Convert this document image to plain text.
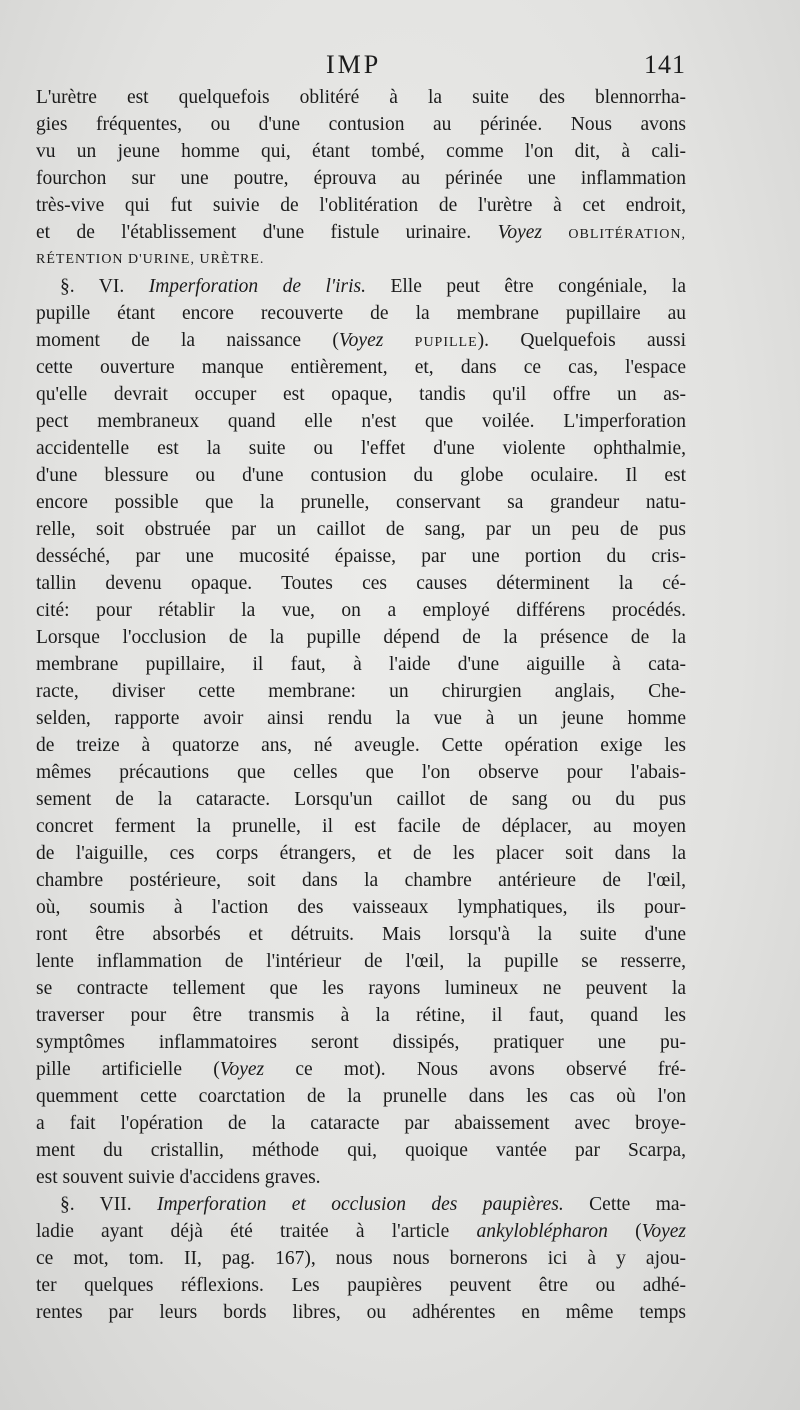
IMP	141
L'urètre est quelquefois oblitéré à la suite des blennorrha-
gies fréquentes, ou d'une contusion au périnée. Nous avons
vu un jeune homme qui, étant tombé, comme l'on dit, à cali-
fourchon sur une poutre, éprouva au périnée une inflammation
très-vive qui fut suivie de l'oblitération de l'urètre à cet endroit,
et de l'établissement d'une fistule urinaire. Voyez OBLITÉRATION,
RÉTENTION D'URINE, URÈTRE.
§. VI. Imperforation de l'iris. Elle peut être congéniale, la
pupille étant encore recouverte de la membrane pupillaire au
moment de la naissance (Voyez PUPILLE). Quelquefois aussi
cette ouverture manque entièrement, et, dans ce cas, l'espace
qu'elle devrait occuper est opaque, tandis qu'il offre un as-
pect membraneux quand elle n'est que voilée. L'imperforation
accidentelle est la suite ou l'effet d'une violente ophthalmie,
d'une blessure ou d'une contusion du globe oculaire. Il est
encore possible que la prunelle, conservant sa grandeur natu-
relle, soit obstruée par un caillot de sang, par un peu de pus
desséché, par une mucosité épaisse, par une portion du cris-
tallin devenu opaque. Toutes ces causes déterminent la cé-
cité: pour rétablir la vue, on a employé différens procédés.
Lorsque l'occlusion de la pupille dépend de la présence de la
membrane pupillaire, il faut, à l'aide d'une aiguille à cata-
racte, diviser cette membrane: un chirurgien anglais, Che-
selden, rapporte avoir ainsi rendu la vue à un jeune homme
de treize à quatorze ans, né aveugle. Cette opération exige les
mêmes précautions que celles que l'on observe pour l'abais-
sement de la cataracte. Lorsqu'un caillot de sang ou du pus
concret ferment la prunelle, il est facile de déplacer, au moyen
de l'aiguille, ces corps étrangers, et de les placer soit dans la
chambre postérieure, soit dans la chambre antérieure de l'œil,
où, soumis à l'action des vaisseaux lymphatiques, ils pour-
ront être absorbés et détruits. Mais lorsqu'à la suite d'une
lente inflammation de l'intérieur de l'œil, la pupille se resserre,
se contracte tellement que les rayons lumineux ne peuvent la
traverser pour être transmis à la rétine, il faut, quand les
symptômes inflammatoires seront dissipés, pratiquer une pu-
pille artificielle (Voyez ce mot). Nous avons observé fré-
quemment cette coarctation de la prunelle dans les cas où l'on
a fait l'opération de la cataracte par abaissement avec broye-
ment du cristallin, méthode qui, quoique vantée par Scarpa,
est souvent suivie d'accidens graves.
§. VII. Imperforation et occlusion des paupières. Cette ma-
ladie ayant déjà été traitée à l'article ankyloblépharon (Voyez
ce mot, tom. II, pag. 167), nous nous bornerons ici à y ajou-
ter quelques réflexions. Les paupières peuvent être ou adhé-
rentes par leurs bords libres, ou adhérentes en même temps
